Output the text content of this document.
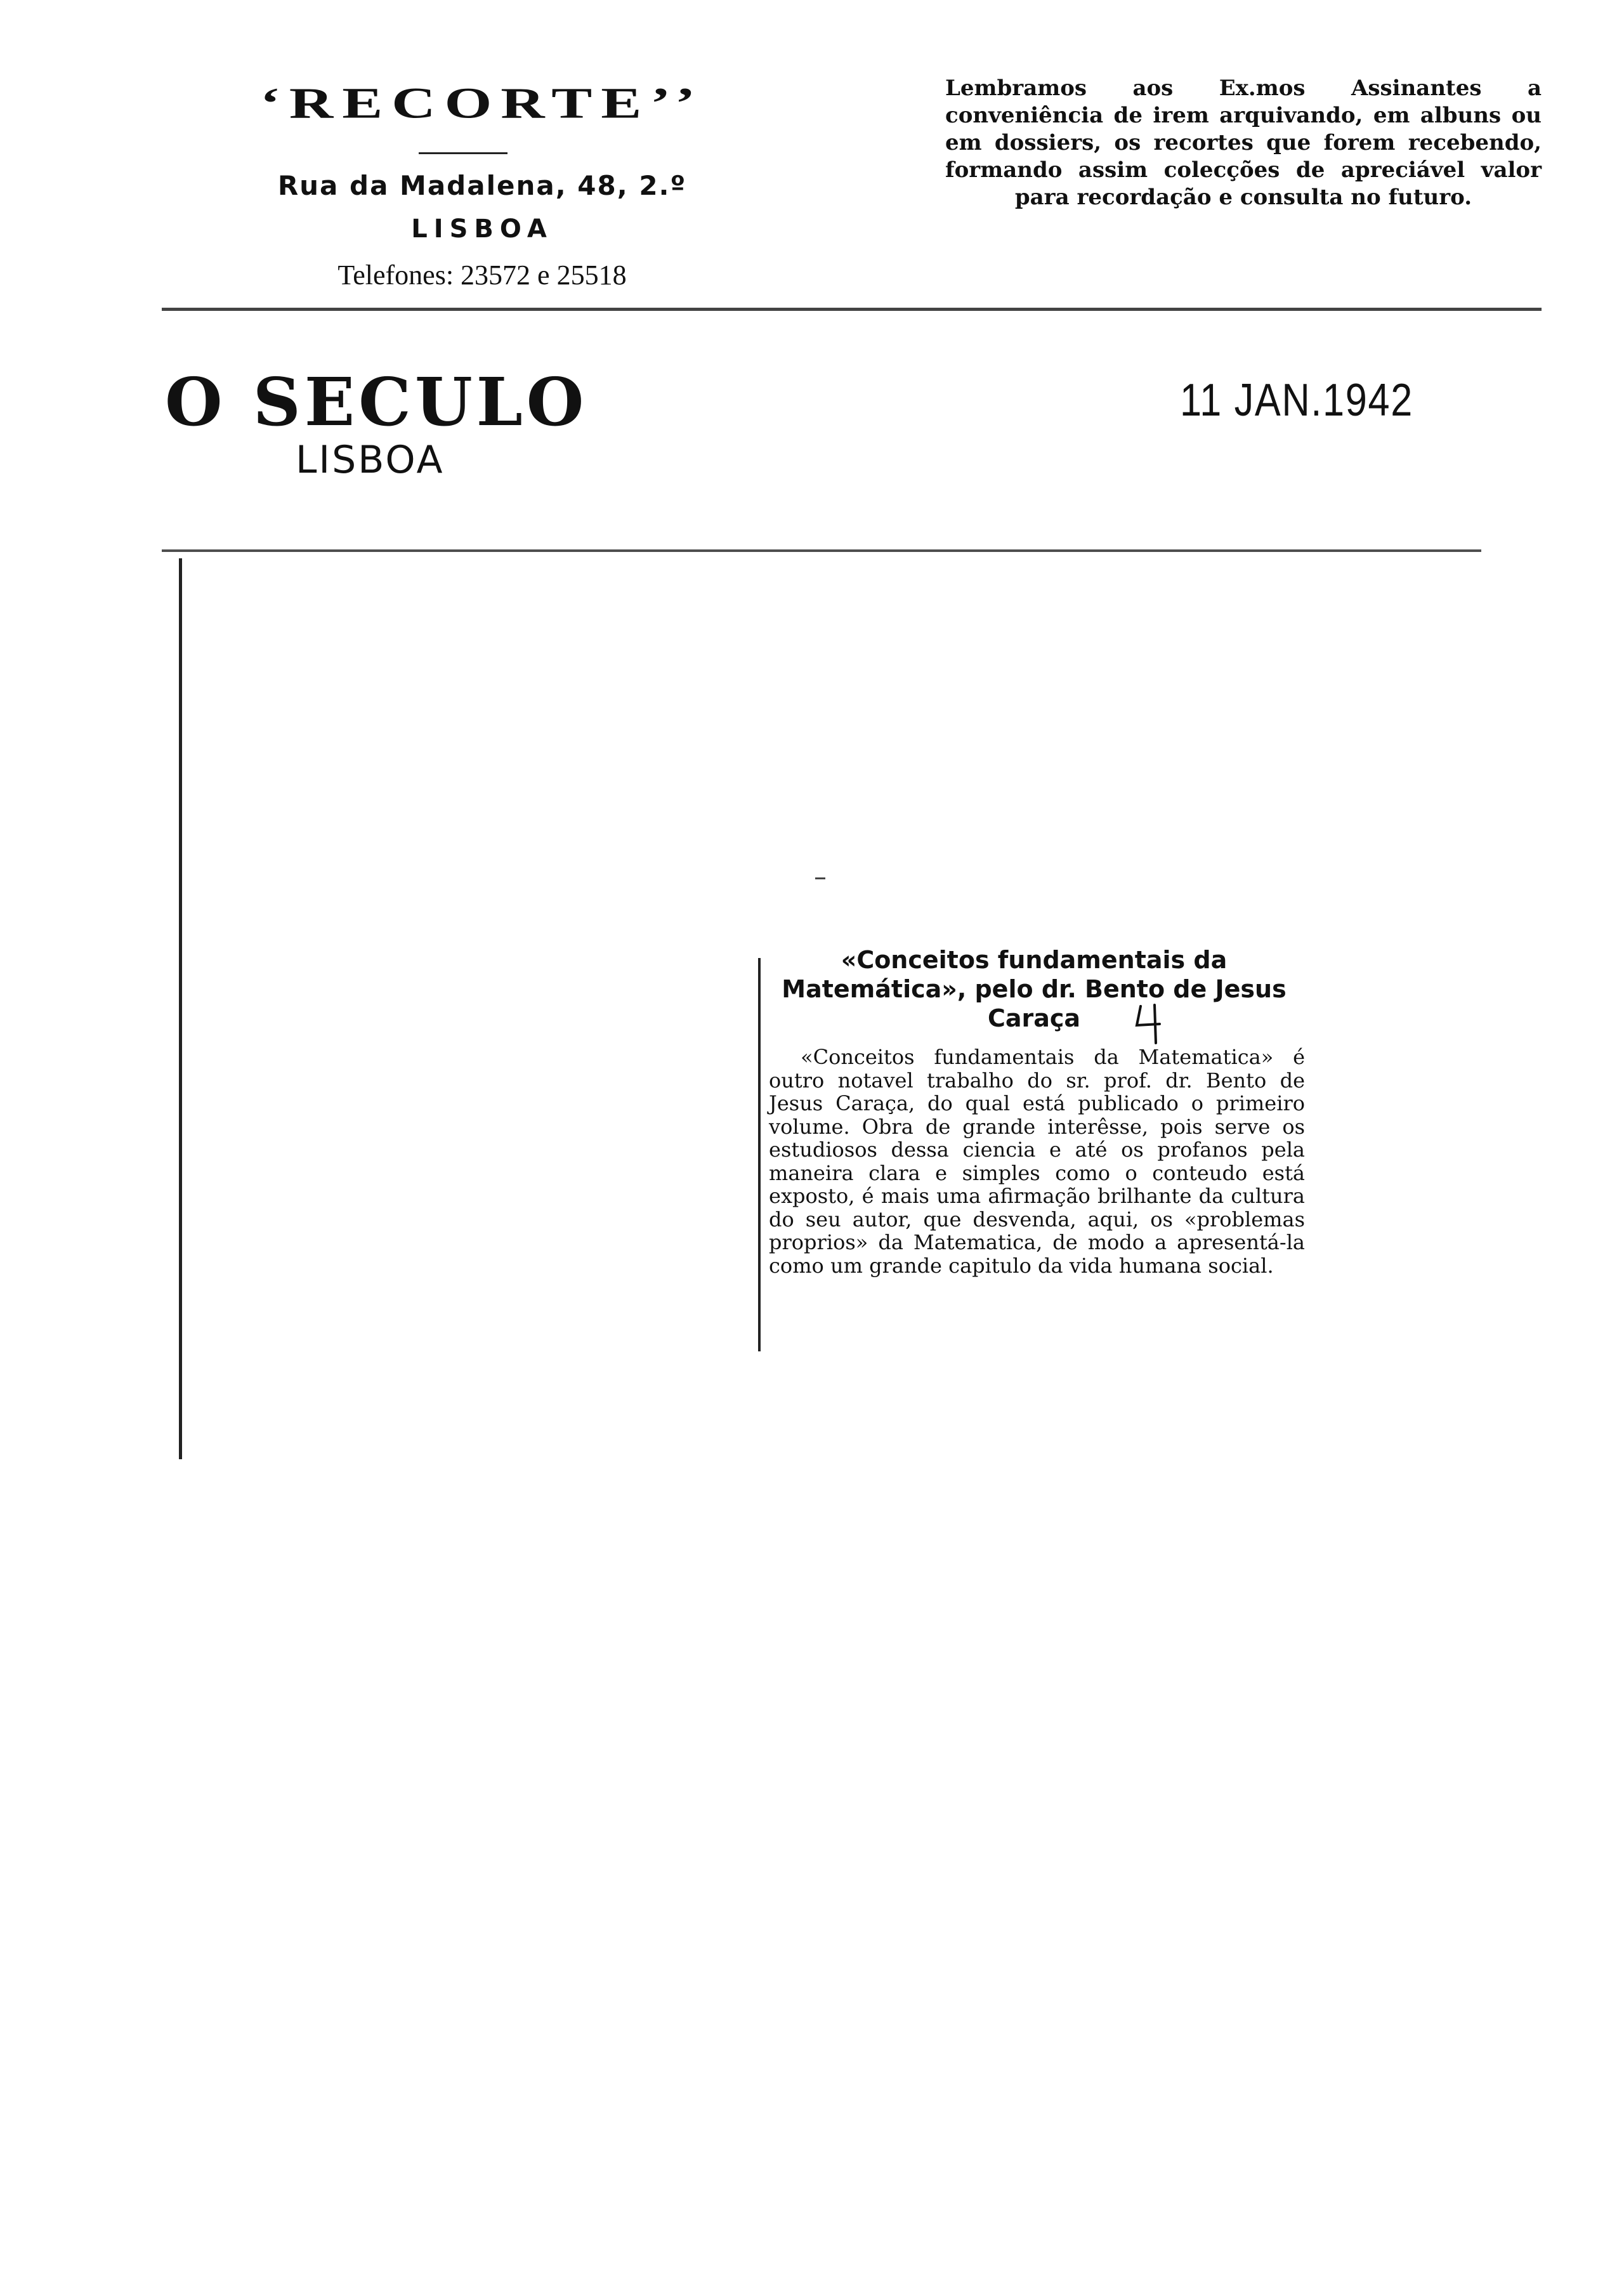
‘RECORTE’’
Rua da Madalena, 48, 2.º
LISBOA
Telefones: 23572 e 25518
Lembramos aos Ex.mos Assinantes a conveniência de irem arquivando, em albuns ou em dossiers, os recortes que forem recebendo, formando assim colecções de apreciável valor para recordação e consulta no futuro.
O SECULO
LISBOA
11 JAN.1942
«Conceitos fundamentais da Matemática», pelo dr. Bento de Jesus Caraça

«Conceitos fundamentais da Matematica» é outro notavel trabalho do sr. prof. dr. Bento de Jesus Caraça, do qual está publicado o primeiro volume. Obra de grande interêsse, pois serve os estudiosos dessa ciencia e até os profanos pela maneira clara e simples como o conteudo está exposto, é mais uma afirmação brilhante da cultura do seu autor, que desvenda, aqui, os «problemas proprios» da Matematica, de modo a apresentá-la como um grande capitulo da vida humana social.
